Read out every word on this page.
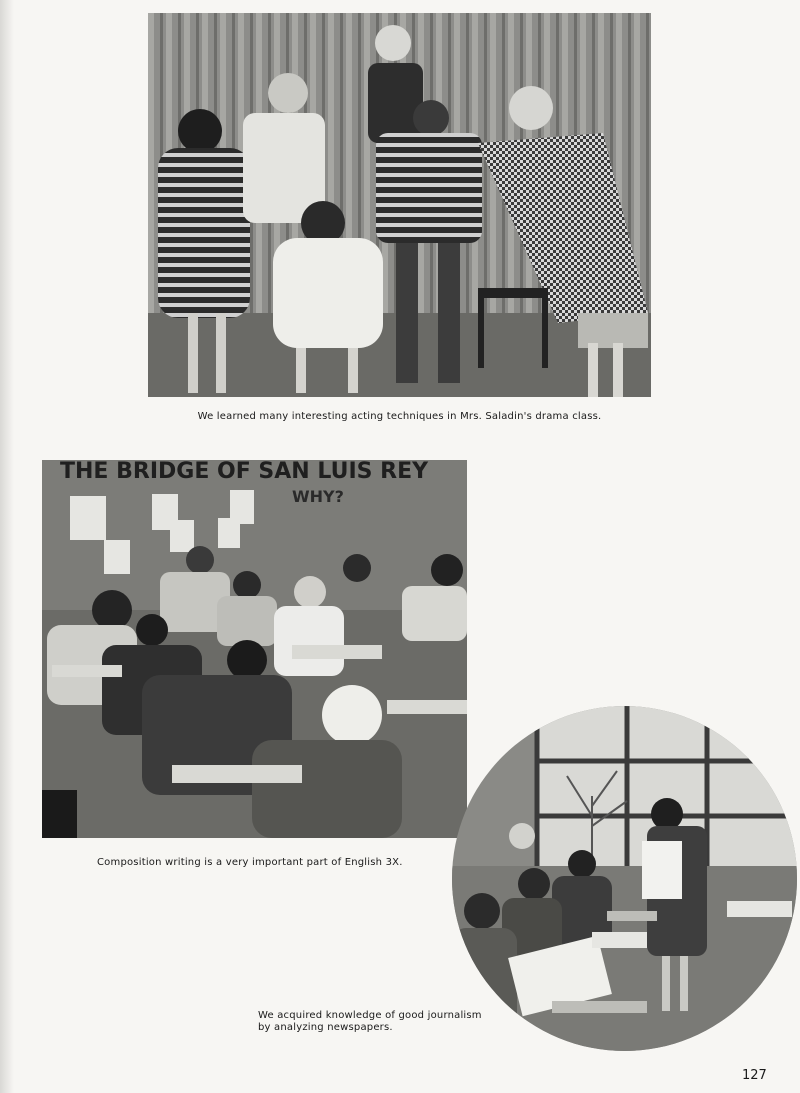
We learned many interesting acting techniques in Mrs. Saladin's drama class.
THE BRIDGE OF SAN LUIS REY
WHY?
Composition writing is a very important part of English 3X.
We acquired knowledge of good journalism
by analyzing newspapers.
127
